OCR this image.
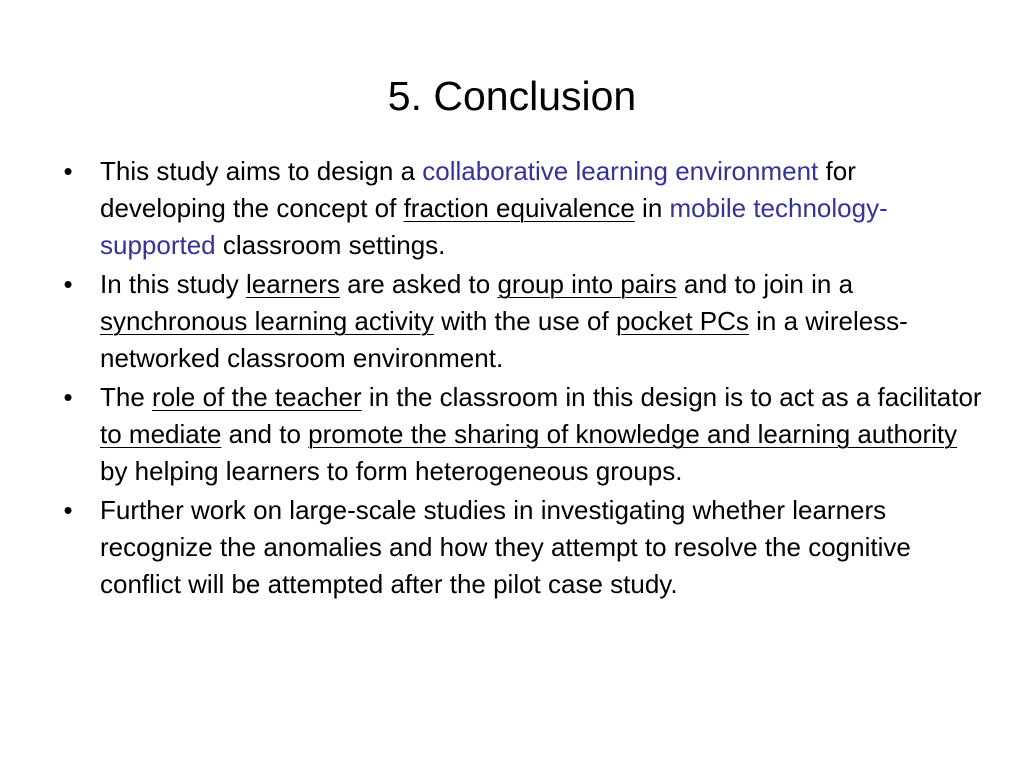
5. Conclusion
• This study aims to design a collaborative learning environment for developing the concept of fraction equivalence in mobile technology-supported classroom settings.
• In this study learners are asked to group into pairs and to join in a synchronous learning activity with the use of pocket PCs in a wireless-networked classroom environment.
• The role of the teacher in the classroom in this design is to act as a facilitator to mediate and to promote the sharing of knowledge and learning authority by helping learners to form heterogeneous groups.
• Further work on large-scale studies in investigating whether learners recognize the anomalies and how they attempt to resolve the cognitive conflict will be attempted after the pilot case study.
